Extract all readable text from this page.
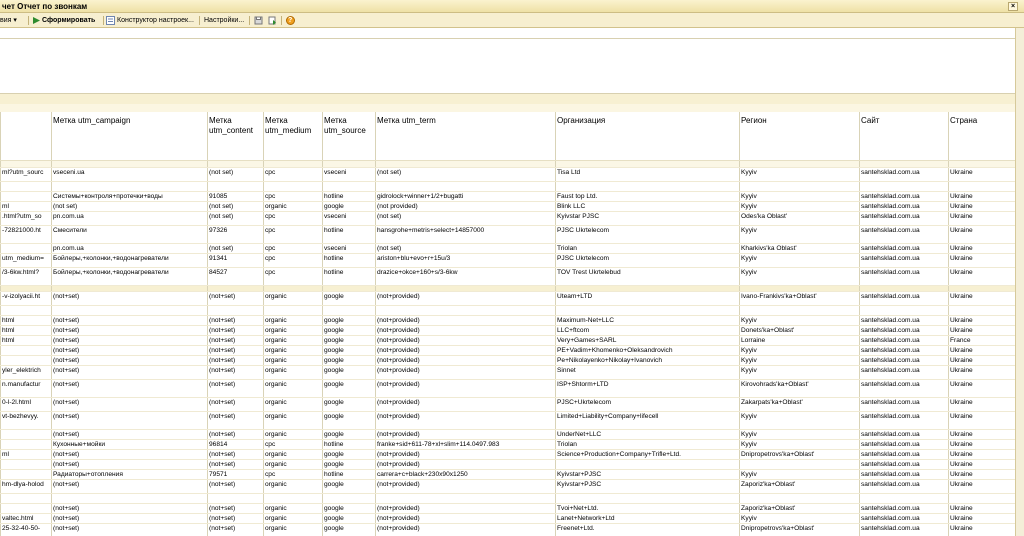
чет Отчет по звонкам	×
вия ▾	Сформировать	Конструктор настроек... Настройки...	?
	Метка utm_campaign	Метка utm_content	Метка utm_medium	Метка utm_source	Метка utm_term	Организация	Регион	Сайт	Страна

ml?utm_sourc	vseceni.ua	(not set)	cpc	vseceni	(not set)	Tisa Ltd	Kyyiv	santehsklad.com.ua	Ukraine

	Системы+контроля+протечки+воды	91085	cpc	hotline	gidrolock+winner+1/2+bugatti	Faust top Ltd.	Kyyiv	santehsklad.com.ua	Ukraine
ml	(not set)	(not set)	organic	google	(not provided)	Blink LLC	Kyyiv	santehsklad.com.ua	Ukraine
.html?utm_so	pn.com.ua	(not set)	cpc	vseceni	(not set)	Kyivstar PJSC	Odes'ka Oblast'	santehsklad.com.ua	Ukraine
-72821000.ht	Смесители	97326	cpc	hotline	hansgrohe+metris+select+14857000	PJSC Ukrtelecom	Kyyiv	santehsklad.com.ua	Ukraine
	pn.com.ua	(not set)	cpc	vseceni	(not set)	Triolan	Kharkivs'ka Oblast'	santehsklad.com.ua	Ukraine
utm_medium=	Бойлеры,+колонки,+водонагреватели	91341	cpc	hotline	ariston+blu+evo+r+15u/3	PJSC Ukrtelecom	Kyyiv	santehsklad.com.ua	Ukraine
/3-6kw.html?	Бойлеры,+колонки,+водонагреватели	84527	cpc	hotline	drazice+okce+160+s/3-6kw	TOV Trest Ukrtelebud	Kyyiv	santehsklad.com.ua	Ukraine

-v-izolyacii.ht	(not+set)	(not+set)	organic	google	(not+provided)	Uteam+LTD	Ivano-Frankivs'ka+Oblast'	santehsklad.com.ua	Ukraine

html	(not+set)	(not+set)	organic	google	(not+provided)	Maximum-Net+LLC	Kyyiv	santehsklad.com.ua	Ukraine
html	(not+set)	(not+set)	organic	google	(not+provided)	LLC+ftcom	Donets'ka+Oblast'	santehsklad.com.ua	Ukraine
html	(not+set)	(not+set)	organic	google	(not+provided)	Very+Games+SARL	Lorraine	santehsklad.com.ua	France
	(not+set)	(not+set)	organic	google	(not+provided)	PE+Vadim+Khomenko+Oleksandrovich	Kyyiv	santehsklad.com.ua	Ukraine
	(not+set)	(not+set)	organic	google	(not+provided)	Pe+Nikolayenko+Nikolay+Ivanovich	Kyyiv	santehsklad.com.ua	Ukraine
yler_elektrich	(not+set)	(not+set)	organic	google	(not+provided)	Sinnet	Kyyiv	santehsklad.com.ua	Ukraine
n.manufactur	(not+set)	(not+set)	organic	google	(not+provided)	ISP+Shtorm+LTD	Kirovohrads'ka+Oblast'	santehsklad.com.ua	Ukraine
0-l-2l.html	(not+set)	(not+set)	organic	google	(not+provided)	PJSC+Ukrtelecom	Zakarpats'ka+Oblast'	santehsklad.com.ua	Ukraine
vt-bezhevyy.	(not+set)	(not+set)	organic	google	(not+provided)	Limited+Liability+Company+lifecell	Kyyiv	santehsklad.com.ua	Ukraine
	(not+set)	(not+set)	organic	google	(not+provided)	UnderNet+LLC	Kyyiv	santehsklad.com.ua	Ukraine
	Кухонные+мойки	96814	cpc	hotline	franke+sid+611-78+xl+slim+114.0497.983	Triolan	Kyyiv	santehsklad.com.ua	Ukraine
ml	(not+set)	(not+set)	organic	google	(not+provided)	Science+Production+Company+Trifle+Ltd.	Dnipropetrovs'ka+Oblast'	santehsklad.com.ua	Ukraine
	(not+set)	(not+set)	organic	google	(not+provided)			santehsklad.com.ua	Ukraine
	Радиаторы+отопления	79571	cpc	hotline	carrera+c+black+230x90x1250	Kyivstar+PJSC	Kyyiv	santehsklad.com.ua	Ukraine
hm-dlya-holod	(not+set)	(not+set)	organic	google	(not+provided)	Kyivstar+PJSC	Zaporiz'ka+Oblast'	santehsklad.com.ua	Ukraine

	(not+set)	(not+set)	organic	google	(not+provided)	Tvoi+Net+Ltd.	Zaporiz'ka+Oblast'	santehsklad.com.ua	Ukraine
valtec.html	(not+set)	(not+set)	organic	google	(not+provided)	Lanet+Network+Ltd	Kyyiv	santehsklad.com.ua	Ukraine
25-32-40-50-	(not+set)	(not+set)	organic	google	(not+provided)	Freenet+Ltd.	Dnipropetrovs'ka+Oblast'	santehsklad.com.ua	Ukraine
